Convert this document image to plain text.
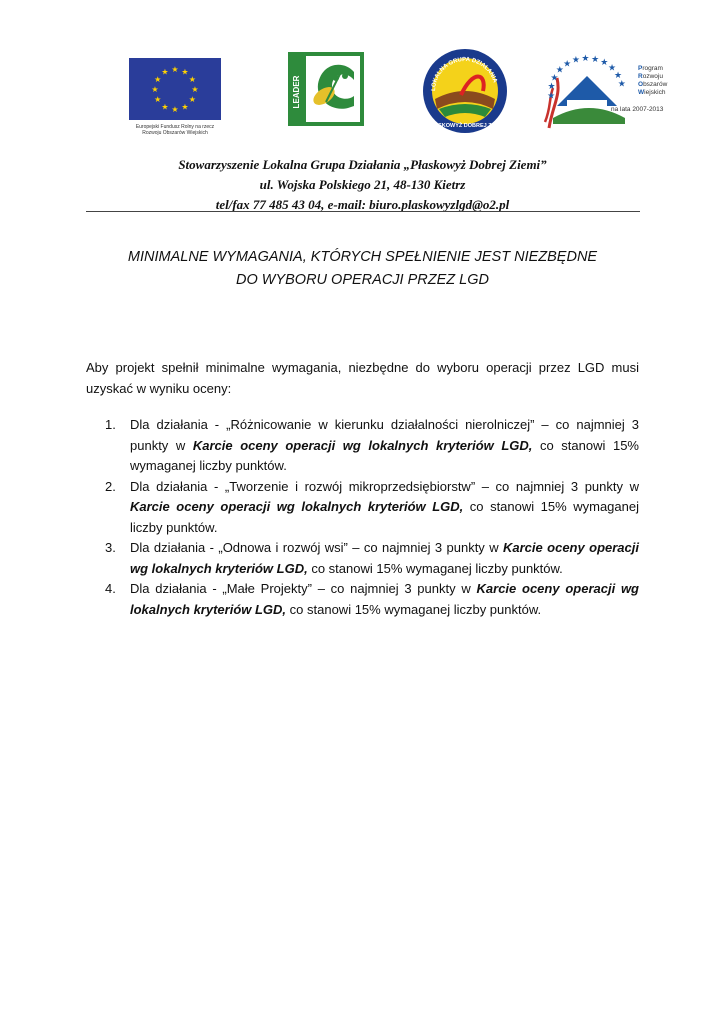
★ ★
★
★
★
★
★
★
★
★
★
★
Europejski Fundusz Rolny na rzecz
Rozwoju Obszarów Wiejskich
LEADER	LOKALNA GRUPA DZIAŁANIA
PŁASKOWYŻ DOBREJ ZIEMI
★
★
★
★
★ ★ ★ ★ ★
★
★
★
Program
Rozwoju
Obszarów
Wiejskich
na lata 2007-2013
Stowarzyszenie Lokalna Grupa Działania „Płaskowyż Dobrej Ziemi”
ul. Wojska Polskiego 21, 48-130 Kietrz
tel/fax 77 485 43 04, e-mail: biuro.plaskowyzlgd@o2.pl
MINIMALNE WYMAGANIA, KTÓRYCH SPEŁNIENIE JEST NIEZBĘDNE
DO WYBORU OPERACJI PRZEZ LGD
Aby projekt spełnił minimalne wymagania, niezbędne do wyboru operacji przez LGD musi uzyskać w wyniku oceny:
1. Dla działania - „Różnicowanie w kierunku działalności nierolniczej” – co najmniej 3 punkty w Karcie oceny operacji wg lokalnych kryteriów LGD, co stanowi 15% wymaganej liczby punktów.
2. Dla działania - „Tworzenie i rozwój mikroprzedsiębiorstw” – co najmniej 3 punkty w Karcie oceny operacji wg lokalnych kryteriów LGD, co stanowi 15% wymaganej liczby punktów.
3. Dla działania - „Odnowa i rozwój wsi” – co najmniej 3 punkty w Karcie oceny operacji wg lokalnych kryteriów LGD, co stanowi 15% wymaganej liczby punktów.
4. Dla działania - „Małe Projekty” – co najmniej 3 punkty w Karcie oceny operacji wg lokalnych kryteriów LGD, co stanowi 15% wymaganej liczby punktów.
